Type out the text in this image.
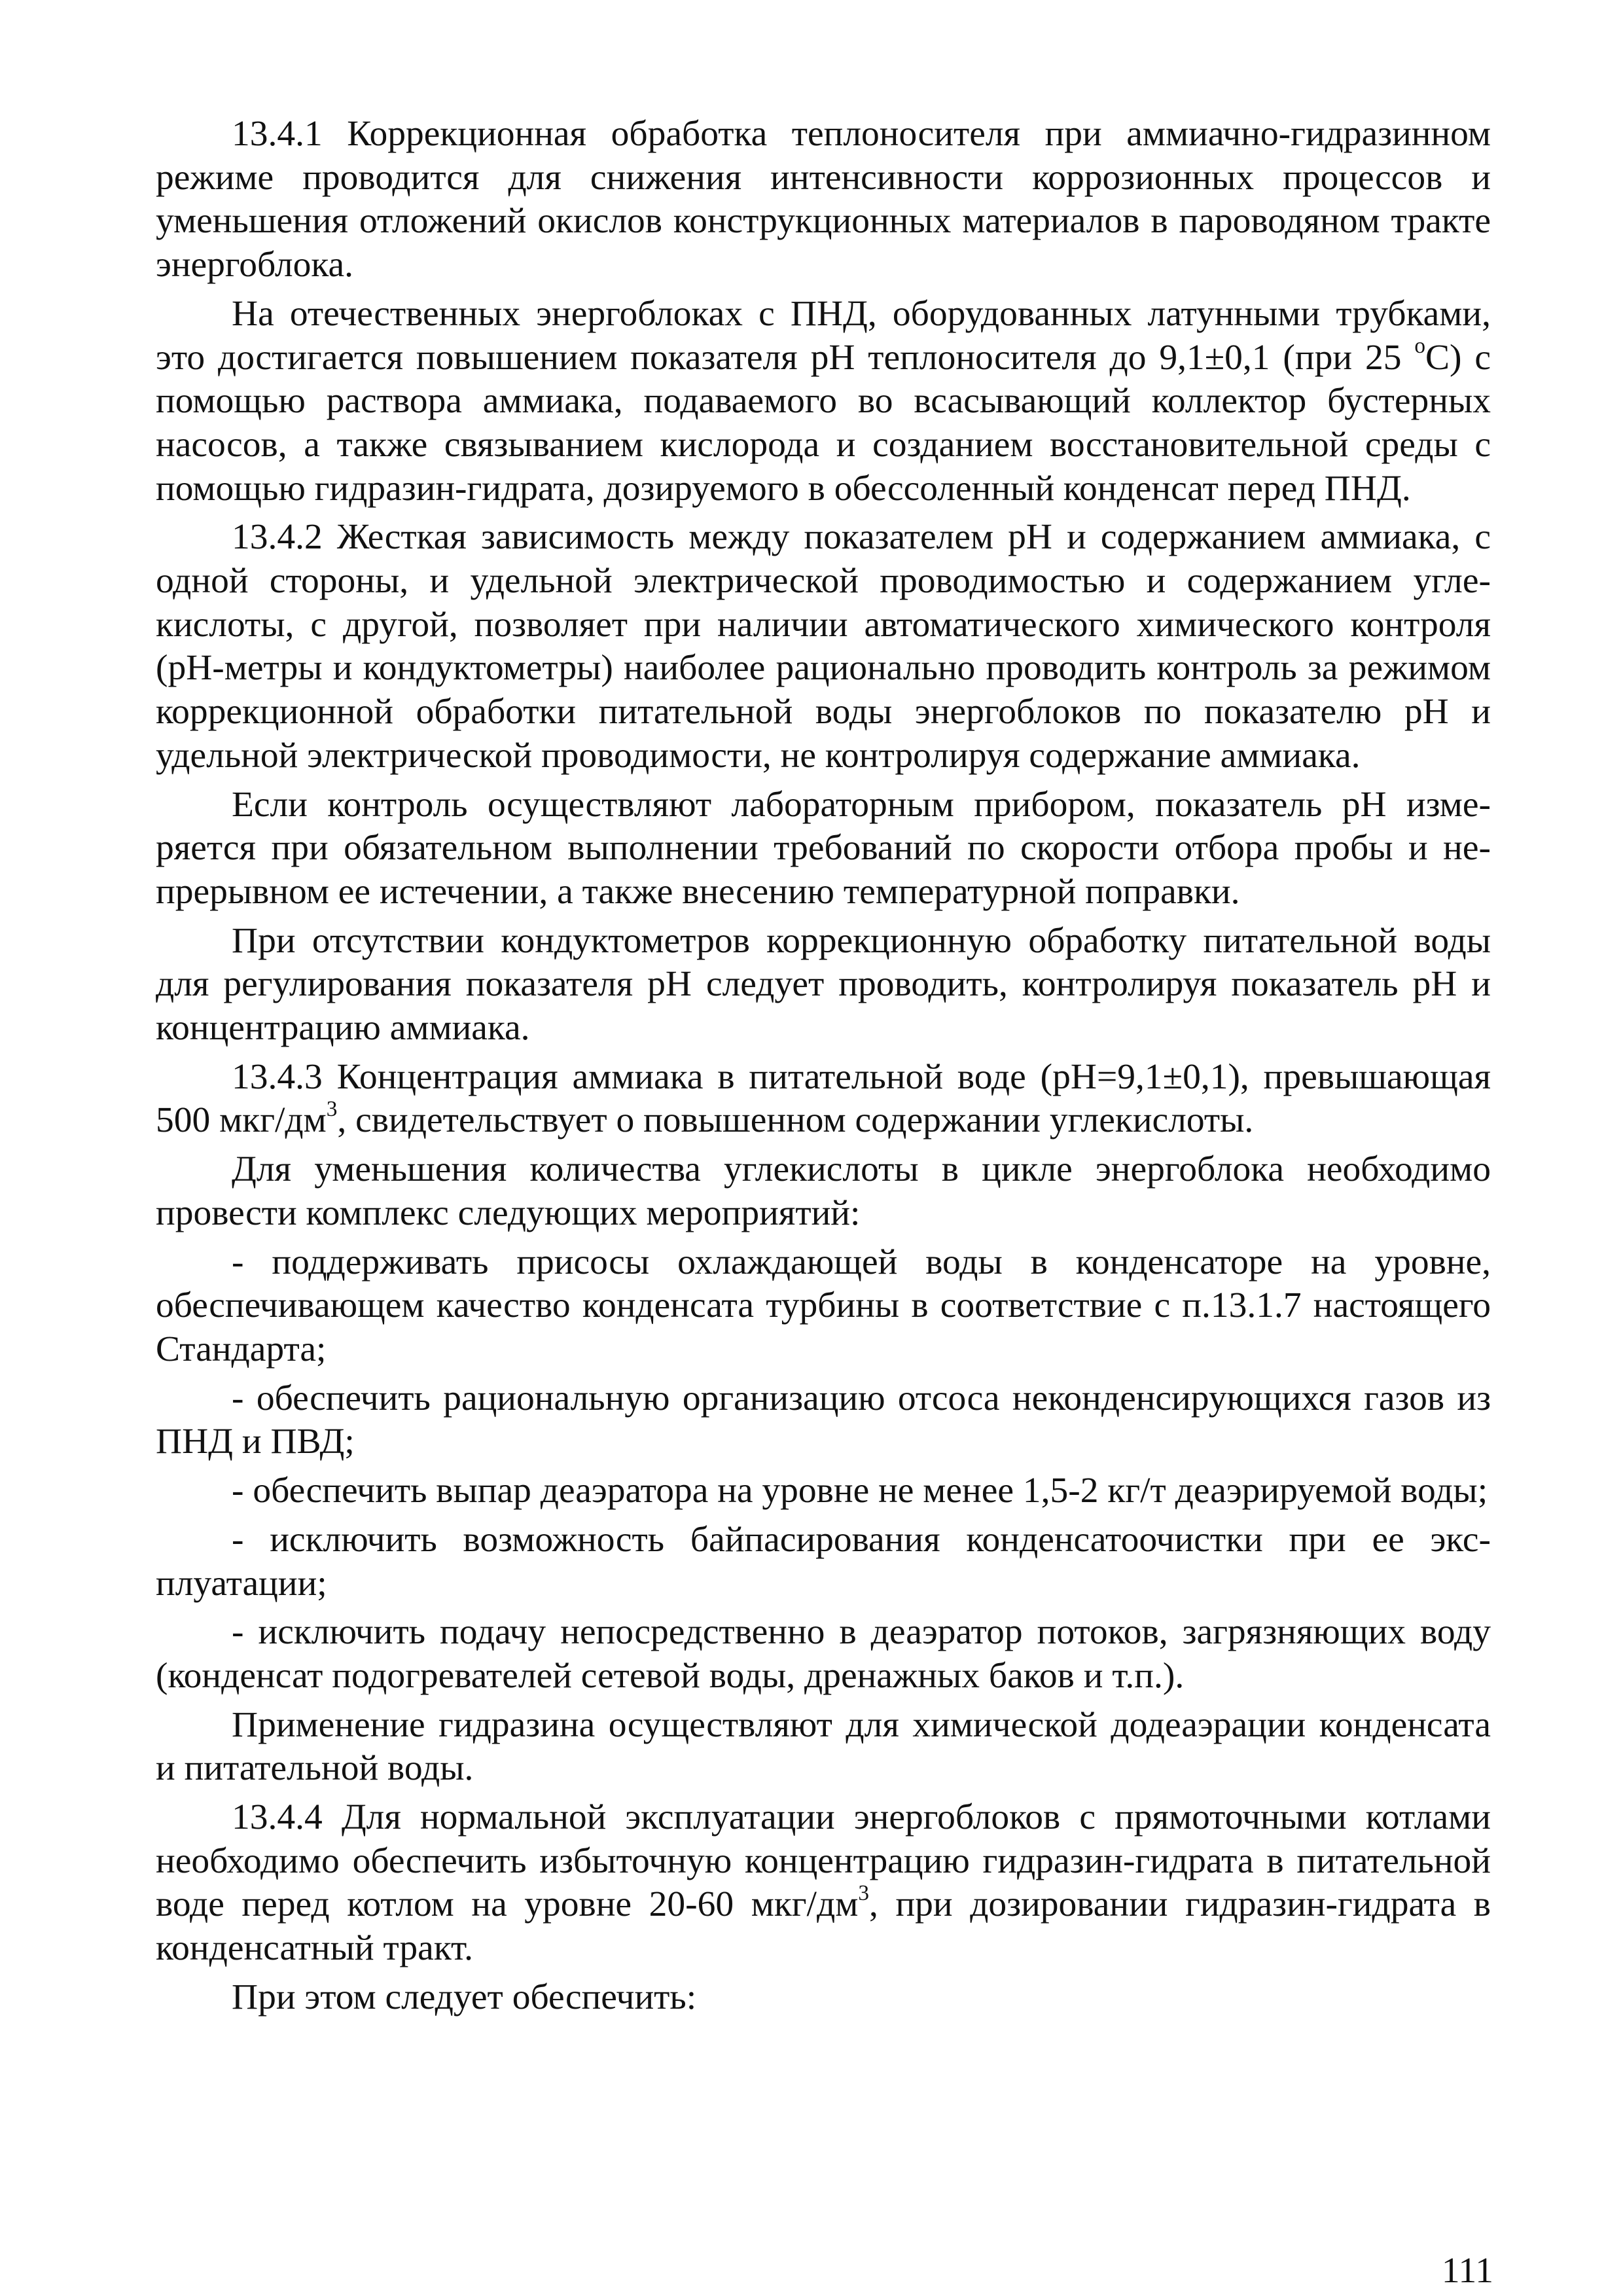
13.4.1 Коррекционная обработка теплоносителя при аммиачно-гидразинном режиме проводится для снижения интенсивности коррозионных процессов и уменьшения отложений окислов конструкционных материалов в пароводяном тракте энергоблока.

На отечественных энергоблоках с ПНД, оборудованных латунными трубками, это достигается повышением показателя pH теплоносителя до 9,1±0,1 (при 25 $^o$С) с помощью раствора аммиака, подаваемого во всасывающий коллектор бустерных насосов, а также связыванием кислорода и созданием восстановительной среды с помощью гидразин-гидрата, дозируемого в обессоленный конденсат перед ПНД.

13.4.2 Жесткая зависимость между показателем pH и содержанием аммиака, с одной стороны, и удельной электрической проводимостью и содержанием углекислоты, с другой, позволяет при наличии автоматического химического контроля (pH-метры и кондуктометры) наиболее рационально проводить контроль за режимом коррекционной обработки питательной воды энергоблоков по показателю pH и удельной электрической проводимости, не контролируя содержание аммиака.

Если контроль осуществляют лабораторным прибором, показатель pH измеряется при обязательном выполнении требований по скорости отбора пробы и непрерывном ее истечении, а также внесению температурной поправки.

При отсутствии кондуктометров коррекционную обработку питательной воды для регулирования показателя pH следует проводить, контролируя показатель pH и концентрацию аммиака.

13.4.3 Концентрация аммиака в питательной воде (pH=9,1±0,1), превышающая 500 мкг/$дм^3$, свидетельствует о повышенном содержании углекислоты.

Для уменьшения количества углекислоты в цикле энергоблока необходимо провести комплекс следующих мероприятий:

- поддерживать присосы охлаждающей воды в конденсаторе на уровне, обеспечивающем качество конденсата турбины в соответствие с п.13.1.7 настоящего Стандарта;

- обеспечить рациональную организацию отсоса неконденсирующихся газов из ПНД и ПВД;

- обеспечить выпар деаэратора на уровне не менее 1,5-2 кг/т деаэрируемой воды;

- исключить возможность байпасирования конденсатоочистки при ее эксплуатации;

- исключить подачу непосредственно в деаэратор потоков, загрязняющих воду (конденсат подогревателей сетевой воды, дренажных баков и т.п.).

Применение гидразина осуществляют для химической додеаэрации конденсата и питательной воды.

13.4.4 Для нормальной эксплуатации энергоблоков с прямоточными котлами необходимо обеспечить избыточную концентрацию гидразин-гидрата в питательной воде перед котлом на уровне 20-60 мкг/$дм^3$, при дозировании гидразин-гидрата в конденсатный тракт.

При этом следует обеспечить:

111
